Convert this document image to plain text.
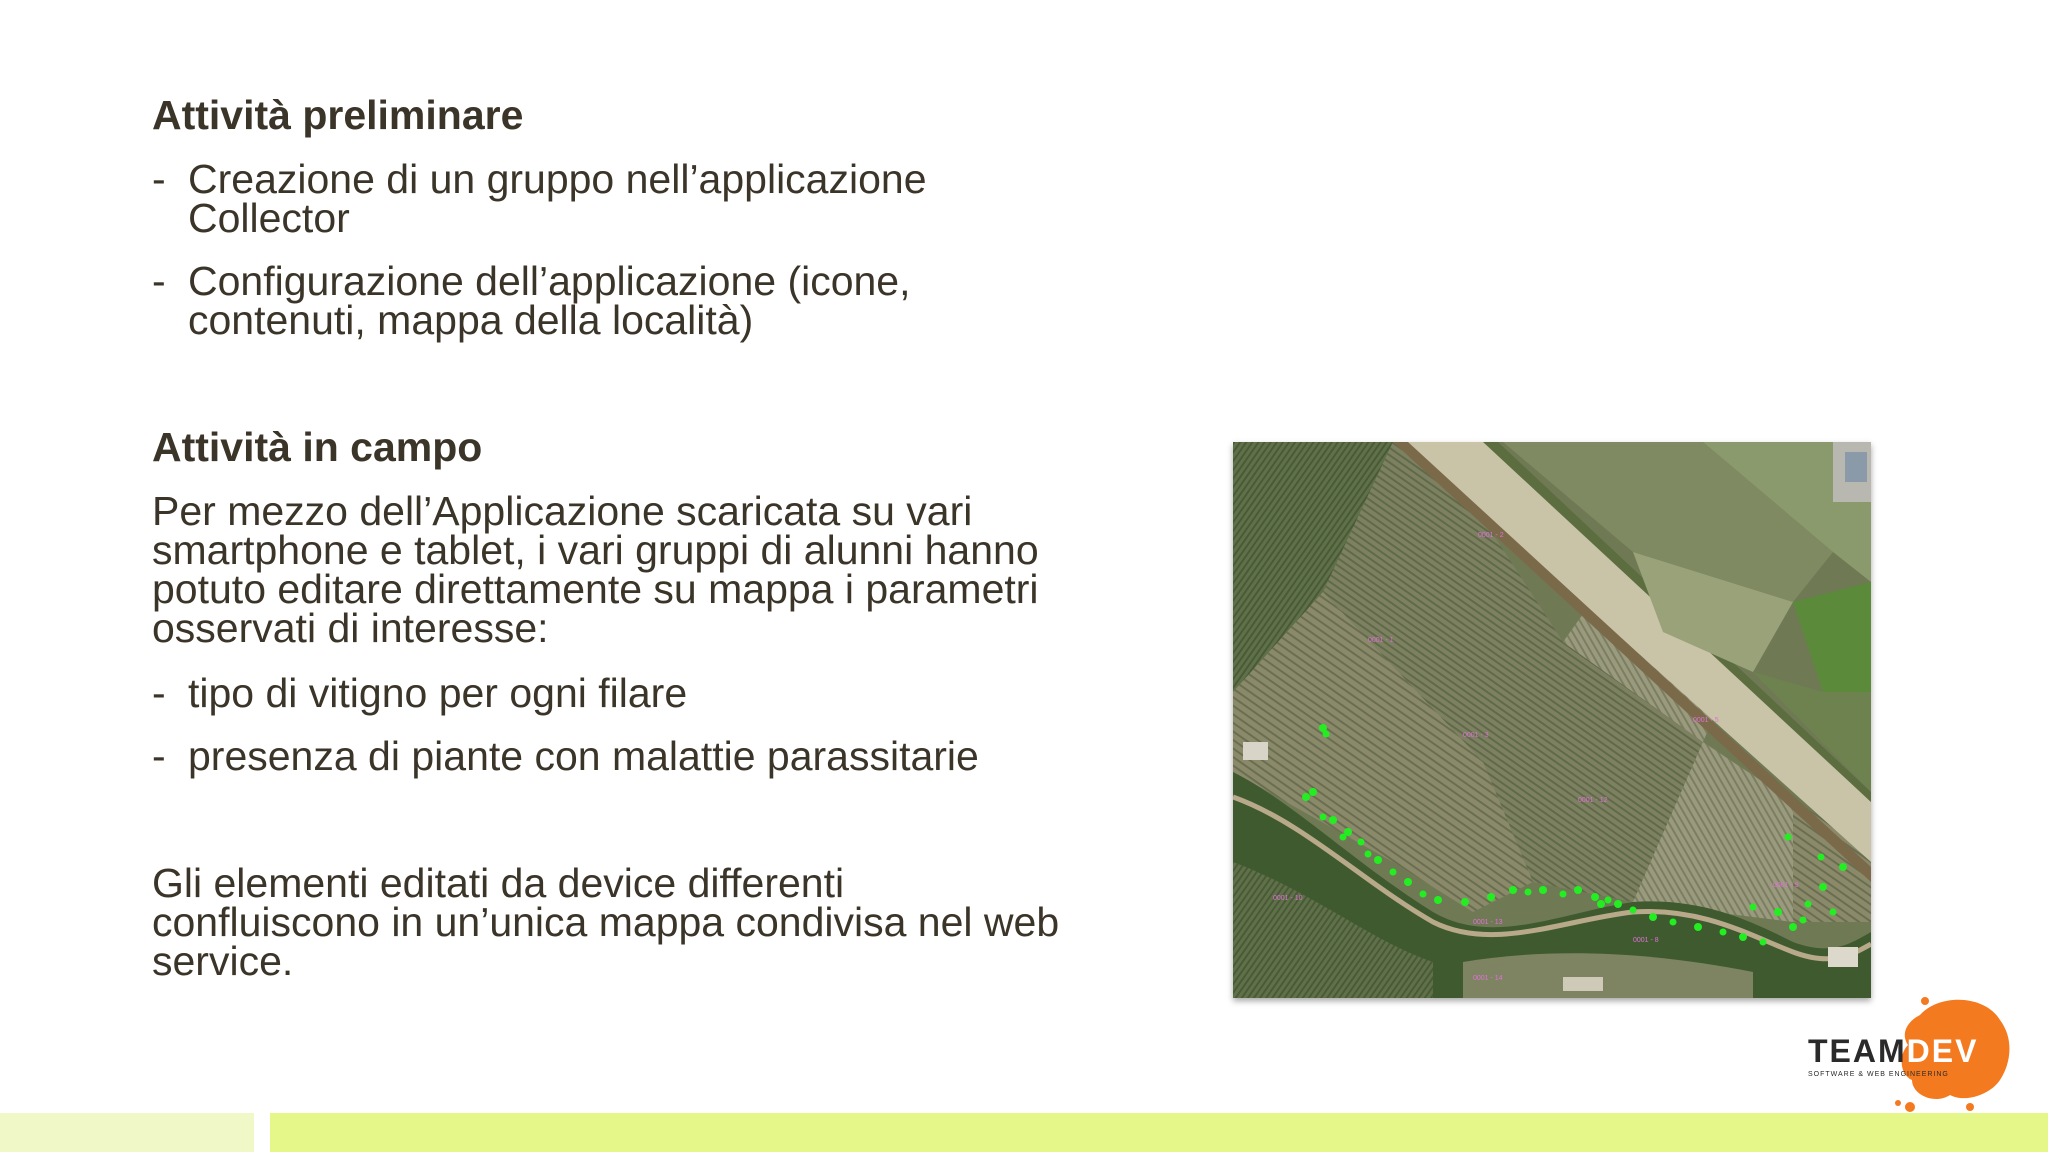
Attività preliminare

- Creazione di un gruppo nell’applicazione
Collector
- Configurazione dell’applicazione (icone,
contenuti, mappa della località)

Attività in campo

Per mezzo dell’Applicazione scaricata su vari
smartphone e tablet, i vari gruppi di alunni hanno
potuto editare direttamente su mappa i parametri
osservati di interesse:
- tipo di vitigno per ogni filare
- presenza di piante con malattie parassitarie
Gli elementi editati da device differenti
confluiscono in un’unica mappa condivisa nel web
service.
0001 - 2
0001 - 1
0001 - 3
0001 - 12
0001 - 5
0001 - 10
0001 - 13
0001 - 9
0001 - 8
0001 - 14
TEAMDEV
SOFTWARE & WEB ENGINEERING
